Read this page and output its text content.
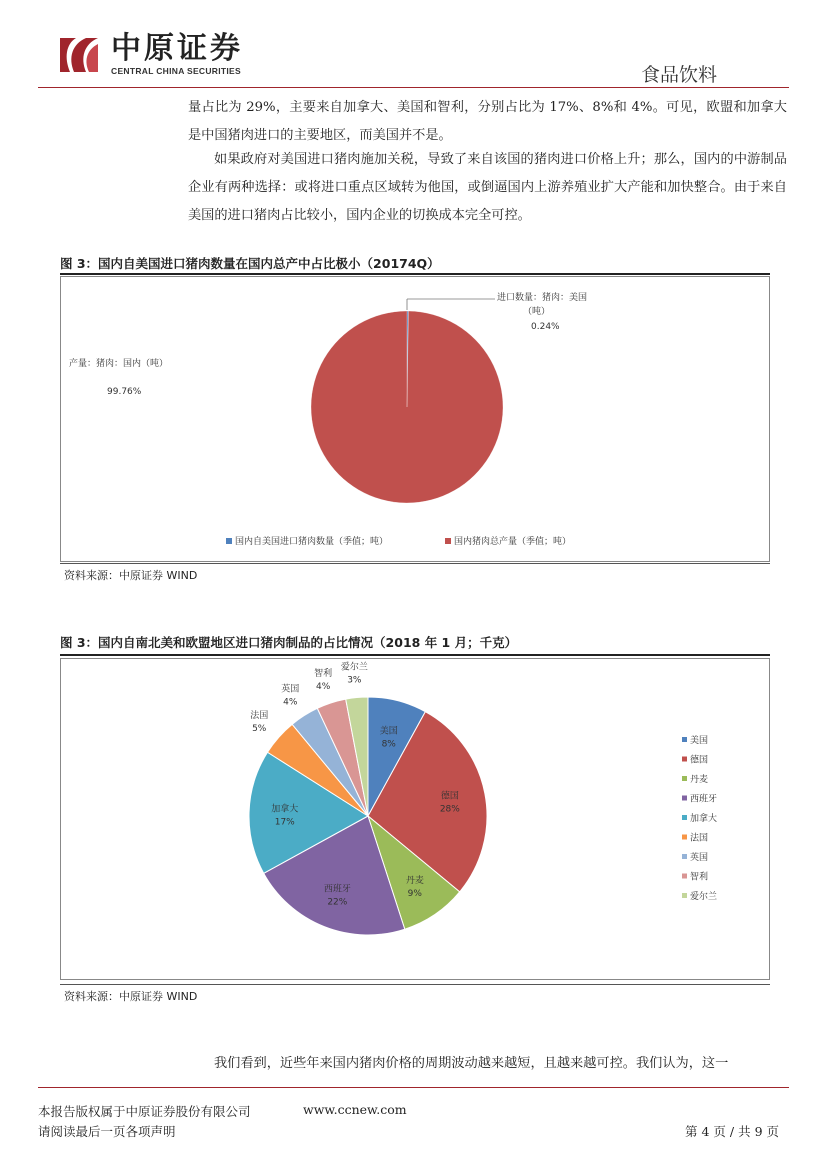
中原证券
CENTRAL CHINA SECURITIES	食品饮料

量占比为 29%，主要来自加拿大、美国和智利，分别占比为 17%、8%和 4%。可见，欧盟和加拿大是中国猪肉进口的主要地区，而美国并不是。

如果政府对美国进口猪肉施加关税，导致了来自该国的猪肉进口价格上升；那么，国内的中游制品企业有两种选择：或将进口重点区域转为他国，或倒逼国内上游养殖业扩大产能和加快整合。由于来自美国的进口猪肉占比较小，国内企业的切换成本完全可控。

图 3：国内自美国进口猪肉数量在国内总产中占比极小（20174Q）
进口数量：猪肉：美国
（吨）
0.24%
产量：猪肉：国内（吨）
99.76%
国内自美国进口猪肉数量（季值；吨）	国内猪肉总产量（季值；吨）
资料来源：中原证券 WIND
图 3：国内自南北美和欧盟地区进口猪肉制品的占比情况（2018 年 1 月；千克）
美国
8%
德国
28%
丹麦
9%
西班牙
22%
加拿大
17%
法国
5%
英国
4%
智利
4%
爱尔兰
3%
美国
德国
丹麦
西班牙
加拿大
法国
英国
智利
爱尔兰
资料来源：中原证券 WIND

我们看到，近些年来国内猪肉价格的周期波动越来越短，且越来越可控。我们认为，这一

本报告版权属于中原证券股份有限公司	www.ccnew.com
请阅读最后一页各项声明	第 4 页 / 共 9 页
